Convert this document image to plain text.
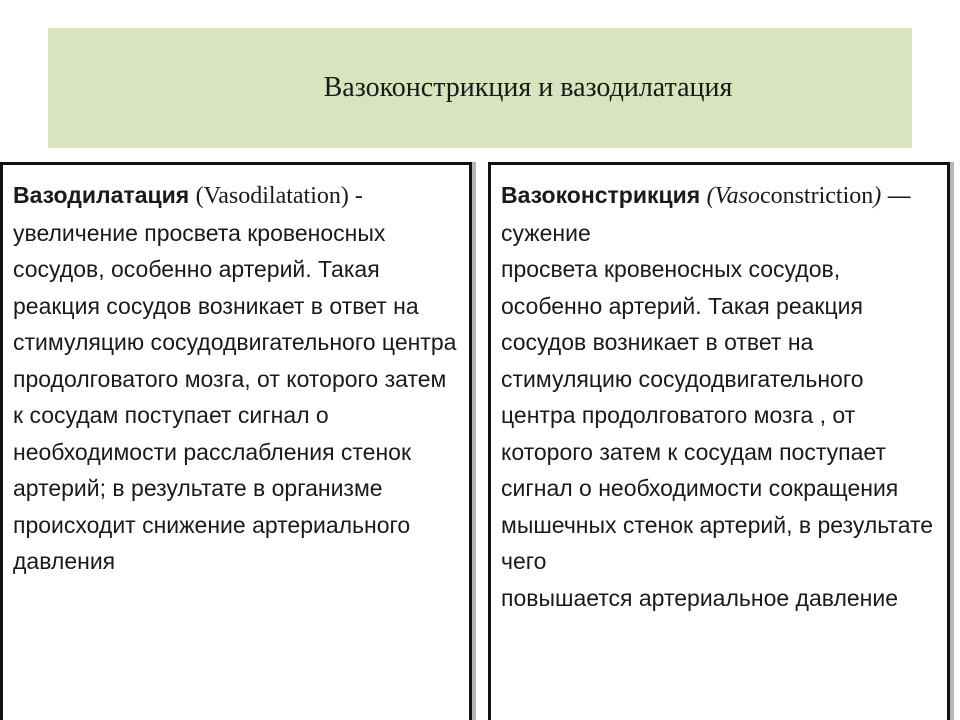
Вазоконстрикция и вазодилатация
Вазодилатация (Vasodilatation) - увеличение просвета кровеносных сосудов, особенно артерий. Такая реакция сосудов возникает в ответ на стимуляцию сосудодвигательного центра продолговатого мозга, от которого затем к сосудам поступает сигнал о необходимости расслабления стенок артерий; в результате в организме происходит снижение артериального давления
Вазоконстрикция (Vasoconstriction) — сужение
просвета кровеносных сосудов, особенно артерий. Такая реакция сосудов возникает в ответ на стимуляцию сосудодвигательного центра продолговатого мозга , от которого затем к сосудам поступает сигнал о необходимости сокращения мышечных стенок артерий, в результате чего
повышается артериальное давление
